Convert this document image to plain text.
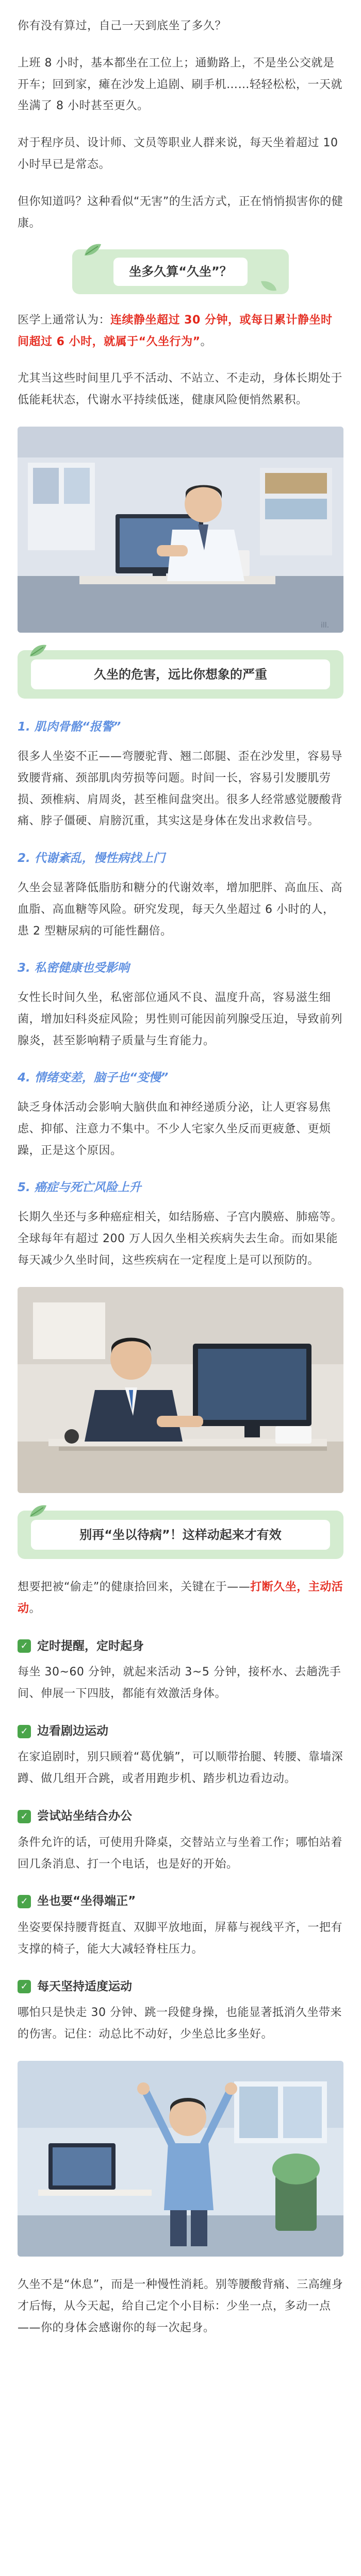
你有没有算过，自己一天到底坐了多久？

上班 8 小时，基本都坐在工位上；通勤路上，不是坐公交就是开车；回到家，瘫在沙发上追剧、刷手机……轻轻松松，一天就坐满了 8 小时甚至更久。

对于程序员、设计师、文员等职业人群来说，每天坐着超过 10 小时早已是常态。

但你知道吗？这种看似“无害”的生活方式，正在悄悄损害你的健康。

坐多久算“久坐”？

医学上通常认为：连续静坐超过 30 分钟，或每日累计静坐时间超过 6 小时，就属于“久坐行为”。

尤其当这些时间里几乎不活动、不站立、不走动，身体长期处于低能耗状态，代谢水平持续低迷，健康风险便悄然累积。

ill.
久坐的危害，远比你想象的严重
1. 肌肉骨骼“报警”

很多人坐姿不正——弯腰驼背、翘二郎腿、歪在沙发里，容易导致腰背痛、颈部肌肉劳损等问题。时间一长，容易引发腰肌劳损、颈椎病、肩周炎，甚至椎间盘突出。很多人经常感觉腰酸背痛、脖子僵硬、肩膀沉重，其实这是身体在发出求救信号。

2. 代谢紊乱，慢性病找上门

久坐会显著降低脂肪和糖分的代谢效率，增加肥胖、高血压、高血脂、高血糖等风险。研究发现，每天久坐超过 6 小时的人，患 2 型糖尿病的可能性翻倍。

3. 私密健康也受影响

女性长时间久坐，私密部位通风不良、温度升高，容易滋生细菌，增加妇科炎症风险；男性则可能因前列腺受压迫，导致前列腺炎，甚至影响精子质量与生育能力。

4. 情绪变差，脑子也“变慢”

缺乏身体活动会影响大脑供血和神经递质分泌，让人更容易焦虑、抑郁、注意力不集中。不少人宅家久坐反而更疲惫、更烦躁，正是这个原因。

5. 癌症与死亡风险上升

长期久坐还与多种癌症相关，如结肠癌、子宫内膜癌、肺癌等。全球每年有超过 200 万人因久坐相关疾病失去生命。而如果能每天减少久坐时间，这些疾病在一定程度上是可以预防的。

别再“坐以待病”！这样动起来才有效

想要把被“偷走”的健康拾回来，关键在于——打断久坐，主动活动。

✓ 定时提醒，定时起身

每坐 30~60 分钟，就起来活动 3~5 分钟，接杯水、去趟洗手间、伸展一下四肢，都能有效激活身体。

✓ 边看剧边运动

在家追剧时，别只顾着“葛优躺”，可以顺带抬腿、转腰、靠墙深蹲、做几组开合跳，或者用跑步机、踏步机边看边动。

✓ 尝试站坐结合办公

条件允许的话，可使用升降桌，交替站立与坐着工作；哪怕站着回几条消息、打一个电话，也是好的开始。

✓ 坐也要“坐得端正”

坐姿要保持腰背挺直、双脚平放地面，屏幕与视线平齐，一把有支撑的椅子，能大大减轻脊柱压力。

✓ 每天坚持适度运动

哪怕只是快走 30 分钟、跳一段健身操，也能显著抵消久坐带来的伤害。记住：动总比不动好，少坐总比多坐好。

久坐不是“休息”，而是一种慢性消耗。别等腰酸背痛、三高缠身才后悔，从今天起，给自己定个小目标：少坐一点，多动一点——你的身体会感谢你的每一次起身。
